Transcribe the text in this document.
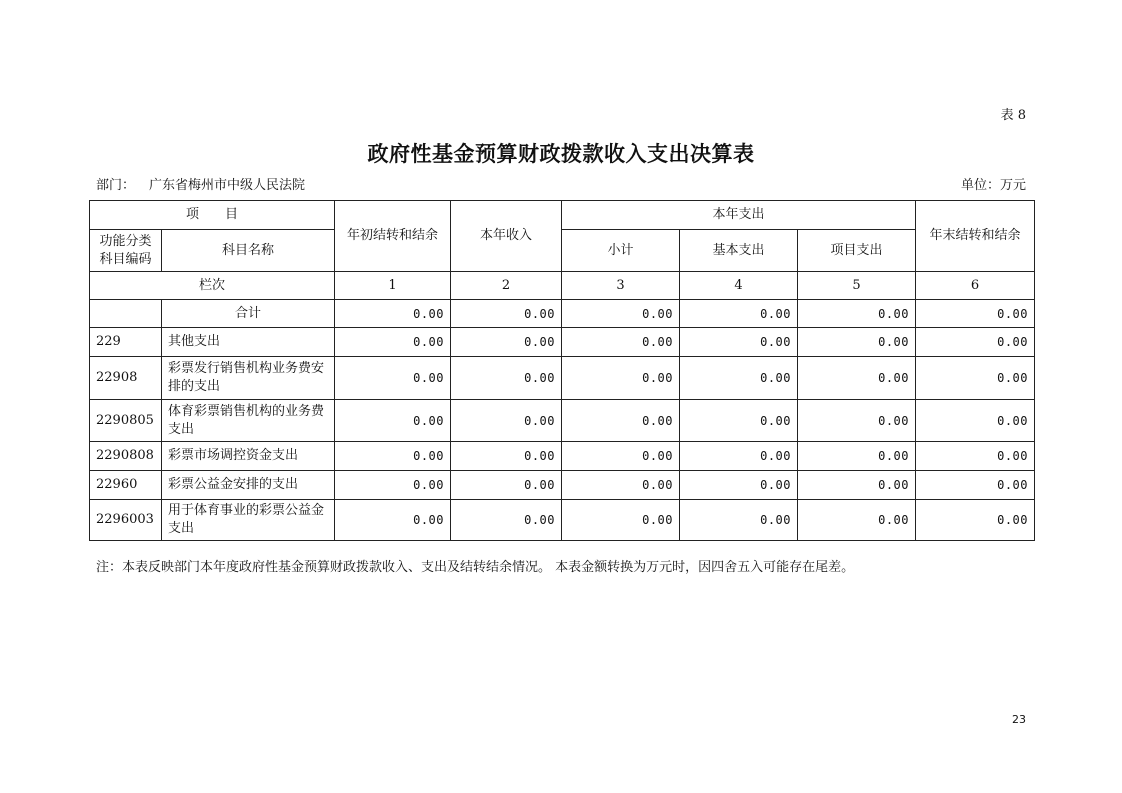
表 8
政府性基金预算财政拨款收入支出决算表
部门： 广东省梅州市中级人民法院	单位：万元
项　　目		年初结转和结余	本年收入	本年支出			年末结转和结余
功能分类
科目编码	科目名称			小计	基本支出	项目支出	
栏次		1	2	3	4	5	6
	合计	0.00	0.00	0.00	0.00	0.00	0.00
229	其他支出	0.00	0.00	0.00	0.00	0.00	0.00
22908	彩票发行销售机构业务费安排的支出	0.00	0.00	0.00	0.00	0.00	0.00
2290805	体育彩票销售机构的业务费支出	0.00	0.00	0.00	0.00	0.00	0.00
2290808	彩票市场调控资金支出	0.00	0.00	0.00	0.00	0.00	0.00
22960	彩票公益金安排的支出	0.00	0.00	0.00	0.00	0.00	0.00
2296003	用于体育事业的彩票公益金支出	0.00	0.00	0.00	0.00	0.00	0.00
注：本表反映部门本年度政府性基金预算财政拨款收入、支出及结转结余情况。 本表金额转换为万元时，因四舍五入可能存在尾差。
23
